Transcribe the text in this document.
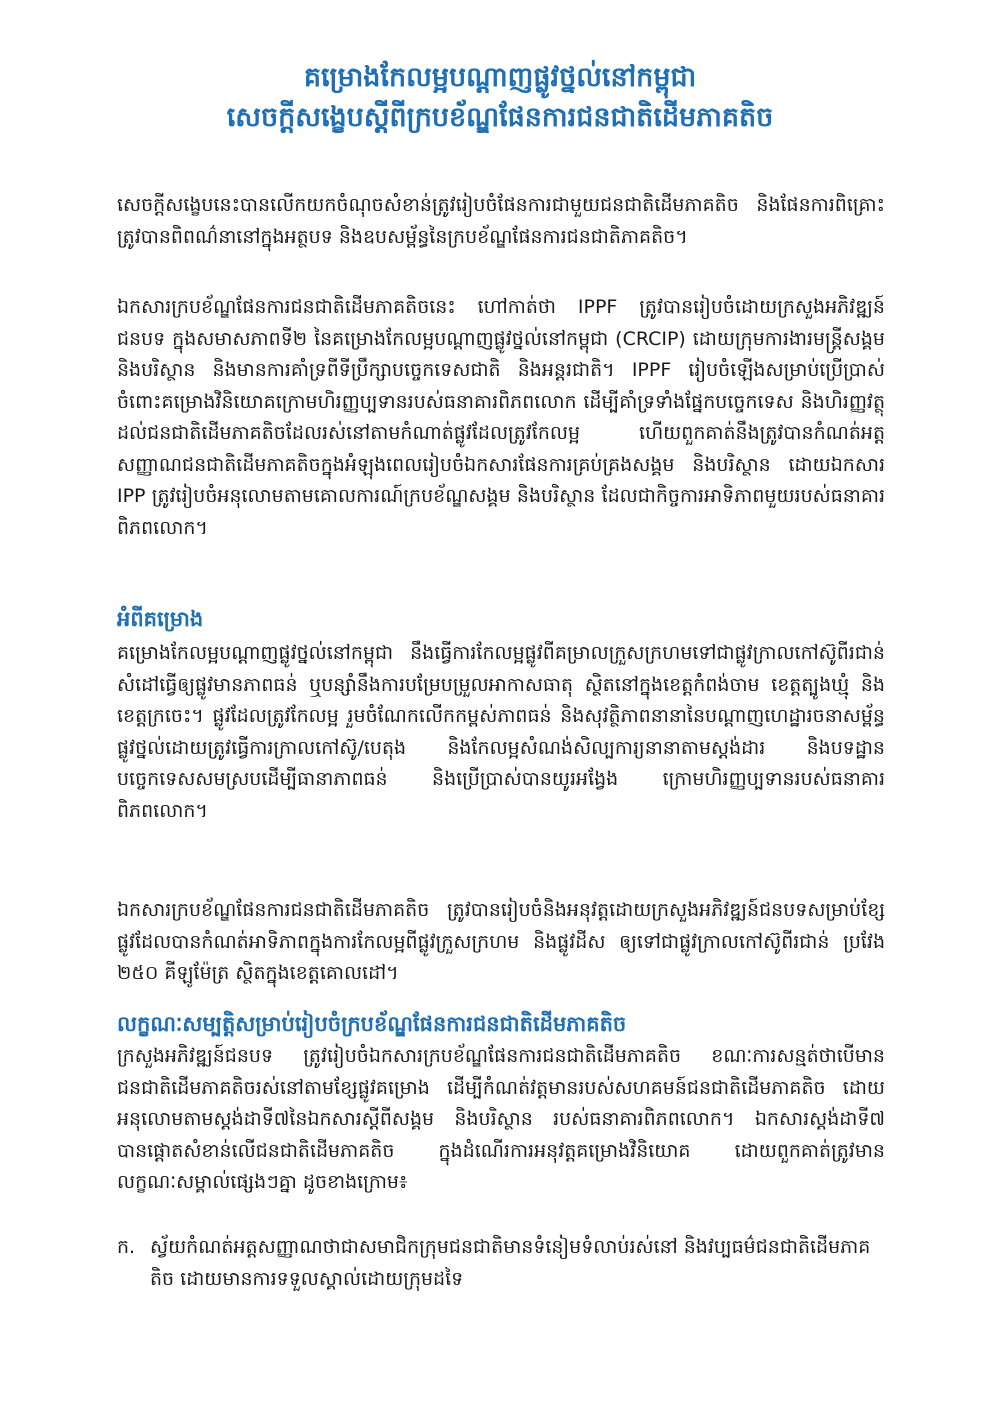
គម្រោងកែលម្អបណ្តាញផ្លូវថ្នល់នៅកម្ពុជា
សេចក្តីសង្ខេបស្តីពីក្របខ័ណ្ឌផែនការជនជាតិដើមភាគតិច

សេចក្តីសង្ខេបនេះបានលើកយកចំណុចសំខាន់ត្រូវរៀបចំផែនការជាមួយជនជាតិដើមភាគតិច និងផែនការពិគ្រោះត្រូវបានពិពណ៌នានៅក្នុងអត្ថបទ និងឧបសម្ព័ន្ធនៃក្របខ័ណ្ឌផែនការជនជាតិភាគតិច។

ឯកសារក្របខ័ណ្ឌផែនការជនជាតិដើមភាគតិចនេះ ហៅកាត់ថា IPPF ត្រូវបានរៀបចំដោយក្រសួងអភិវឌ្ឍន៍ជនបទ ក្នុងសមាសភាពទី២ នៃគម្រោងកែលម្អបណ្តាញផ្លូវថ្នល់នៅកម្ពុជា (CRCIP) ដោយក្រុមការងារមន្ត្រីសង្គម និងបរិស្ថាន និងមានការគាំទ្រពីទីប្រឹក្សាបច្ចេកទេសជាតិ និងអន្តរជាតិ។ IPPF រៀបចំឡើងសម្រាប់ប្រើប្រាស់ចំពោះគម្រោងវិនិយោគក្រោមហិរញ្ញប្បទានរបស់ធនាគារពិភពលោក ដើម្បីគាំទ្រទាំងផ្នែកបច្ចេកទេស និងហិរញ្ញវត្ថុ ដល់ជនជាតិដើមភាគតិចដែលរស់នៅតាមកំណាត់ផ្លូវដែលត្រូវកែលម្អ ហើយពួកគាត់នឹងត្រូវបានកំណត់អត្តសញ្ញាណជនជាតិដើមភាគតិចក្នុងអំឡុងពេលរៀបចំឯកសារផែនការគ្រប់គ្រងសង្គម និងបរិស្ថាន ដោយឯកសារ IPP ត្រូវរៀបចំអនុលោមតាមគោលការណ៍ក្របខ័ណ្ឌសង្គម និងបរិស្ថាន ដែលជាកិច្ចការអាទិភាពមួយរបស់ធនាគារពិភពលោក។

អំពីគម្រោង

គម្រោងកែលម្អបណ្តាញផ្លូវថ្នល់នៅកម្ពុជា នឹងធ្វើការកែលម្អផ្លូវពីគម្រាលក្រួសក្រហមទៅជាផ្លូវក្រាលកៅស៊ូពីរជាន់ សំដៅធ្វើឲ្យផ្លូវមានភាពធន់ ឬបន្សាំនឹងការបម្រែបម្រួលអាកាសធាតុ ស្ថិតនៅក្នុងខេត្តកំពង់ចាម ខេត្តត្បូងឃ្មុំ និងខេត្តក្រចេះ។ ផ្លូវដែលត្រូវកែលម្អ រួមចំណែកលើកកម្ពស់ភាពធន់ និងសុវត្ថិភាពនានានៃបណ្តាញហេដ្ឋារចនាសម្ព័ន្ធផ្លូវថ្នល់ដោយត្រូវធ្វើការក្រាលកៅស៊ូ/បេតុង និងកែលម្អសំណង់សិល្បការ្យនានាតាមស្តង់ដារ និងបទដ្ឋានបច្ចេកទេសសមស្របដើម្បីធានាភាពធន់ និងប្រើប្រាស់បានយូរអង្វែង ក្រោមហិរញ្ញប្បទានរបស់ធនាគារពិភពលោក។

ឯកសារក្របខ័ណ្ឌផែនការជនជាតិដើមភាគតិច ត្រូវបានរៀបចំនិងអនុវត្តដោយក្រសួងអភិវឌ្ឍន៍ជនបទសម្រាប់ខ្សែផ្លូវដែលបានកំណត់អាទិភាពក្នុងការកែលម្អពីផ្លូវក្រួសក្រហម និងផ្លូវដីស ឲ្យទៅជាផ្លូវក្រាលកៅស៊ូពីរជាន់ ប្រវែង ២៥០ គីឡូម៉ែត្រ ស្ថិតក្នុងខេត្តគោលដៅ។

លក្ខណៈសម្បត្តិសម្រាប់រៀបចំក្របខ័ណ្ឌផែនការជនជាតិដើមភាគតិច

ក្រសួងអភិវឌ្ឍន៍ជនបទ ត្រូវរៀបចំឯកសារក្របខ័ណ្ឌផែនការជនជាតិដើមភាគតិច ខណៈការសន្មត់ថាបើមានជនជាតិដើមភាគតិចរស់នៅតាមខ្សែផ្លូវគម្រោង ដើម្បីកំណត់វត្តមានរបស់សហគមន៍ជនជាតិដើមភាគតិច ដោយអនុលោមតាមស្តង់ដាទី៧នៃឯកសារស្តីពីសង្គម និងបរិស្ថាន របស់ធនាគារពិភពលោក។ ឯកសារស្តង់ដាទី៧ បានផ្តោតសំខាន់លើជនជាតិដើមភាគតិច ក្នុងដំណើរការអនុវត្តគម្រោងវិនិយោគ ដោយពួកគាត់ត្រូវមានលក្ខណៈសម្គាល់ផ្សេងៗគ្នា ដូចខាងក្រោម៖

ក. ស្វ័យកំណត់អត្តសញ្ញាណថាជាសមាជិកក្រុមជនជាតិមានទំនៀមទំលាប់រស់នៅ និងវប្បធម៌ជនជាតិដើមភាគតិច ដោយមានការទទួលស្គាល់ដោយក្រុមដទៃ
